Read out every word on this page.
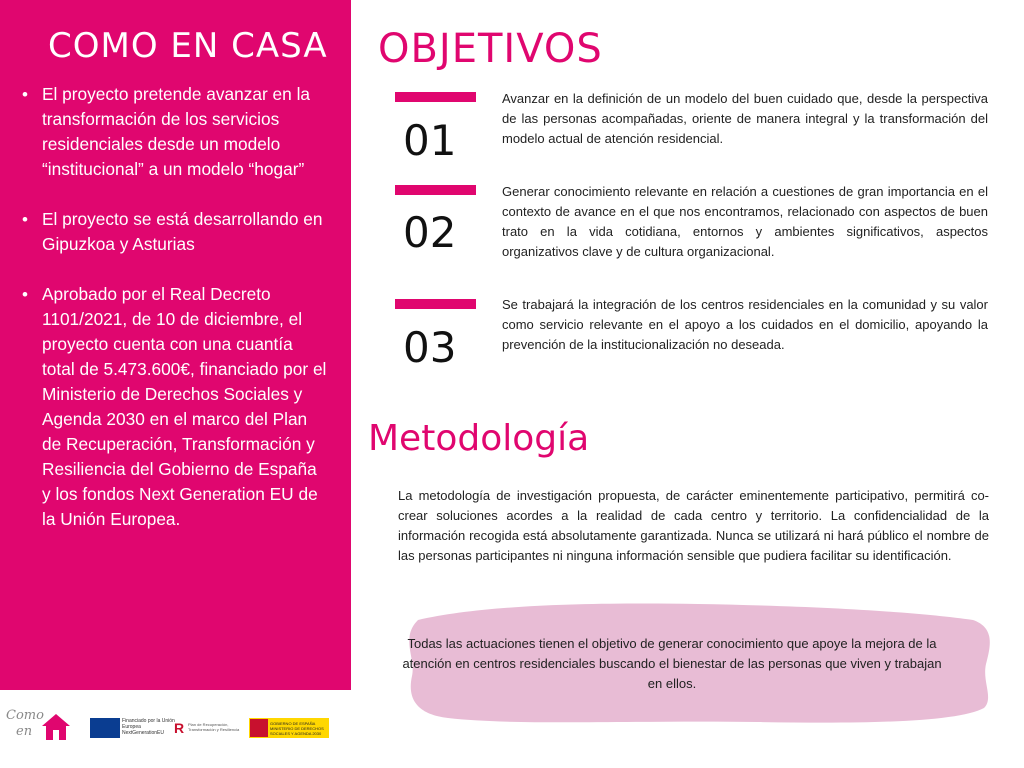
COMO EN CASA
• El proyecto pretende avanzar en la transformación de los servicios residenciales desde un modelo “institucional” a un modelo “hogar”
• El proyecto se está desarrollando en Gipuzkoa y Asturias
• Aprobado por el Real Decreto 1101/2021, de 10 de diciembre, el proyecto cuenta con una cuantía total de 5.473.600€, financiado por el Ministerio de Derechos Sociales y Agenda 2030 en el marco del Plan de Recuperación, Transformación y Resiliencia del Gobierno de España y los fondos Next Generation EU de la Unión Europea.
OBJETIVOS
01
Avanzar en la definición de un modelo del buen cuidado que, desde la perspectiva de las personas acompañadas, oriente de manera integral y la transformación del modelo actual de atención residencial.
02
Generar conocimiento relevante en relación a cuestiones de gran importancia en el contexto de avance en el que nos encontramos, relacionado con aspectos de buen trato en la vida cotidiana, entornos y ambientes significativos, aspectos organizativos clave y de cultura organizacional.
03
Se trabajará la integración de los centros residenciales en la comunidad y su valor como servicio relevante en el apoyo a los cuidados en el domicilio, apoyando la prevención de la institucionalización no deseada.
Metodología
La metodología de investigación propuesta, de carácter eminentemente participativo, permitirá co-crear soluciones acordes a la realidad de cada centro y territorio. La confidencialidad de la información recogida está absolutamente garantizada. Nunca se utilizará ni hará público el nombre de las personas participantes ni ninguna información sensible que pudiera facilitar su identificación.
Todas las actuaciones tienen el objetivo de generar conocimiento que apoye la mejora de la atención en centros residenciales buscando el bienestar de las personas que viven y trabajan en ellos.
Como
en
Financiado por la Unión Europea NextGenerationEU R Plan de Recuperación, Transformación y Resiliencia
GOBIERNO DE ESPAÑA MINISTERIO DE DERECHOS SOCIALES Y AGENDA 2030
